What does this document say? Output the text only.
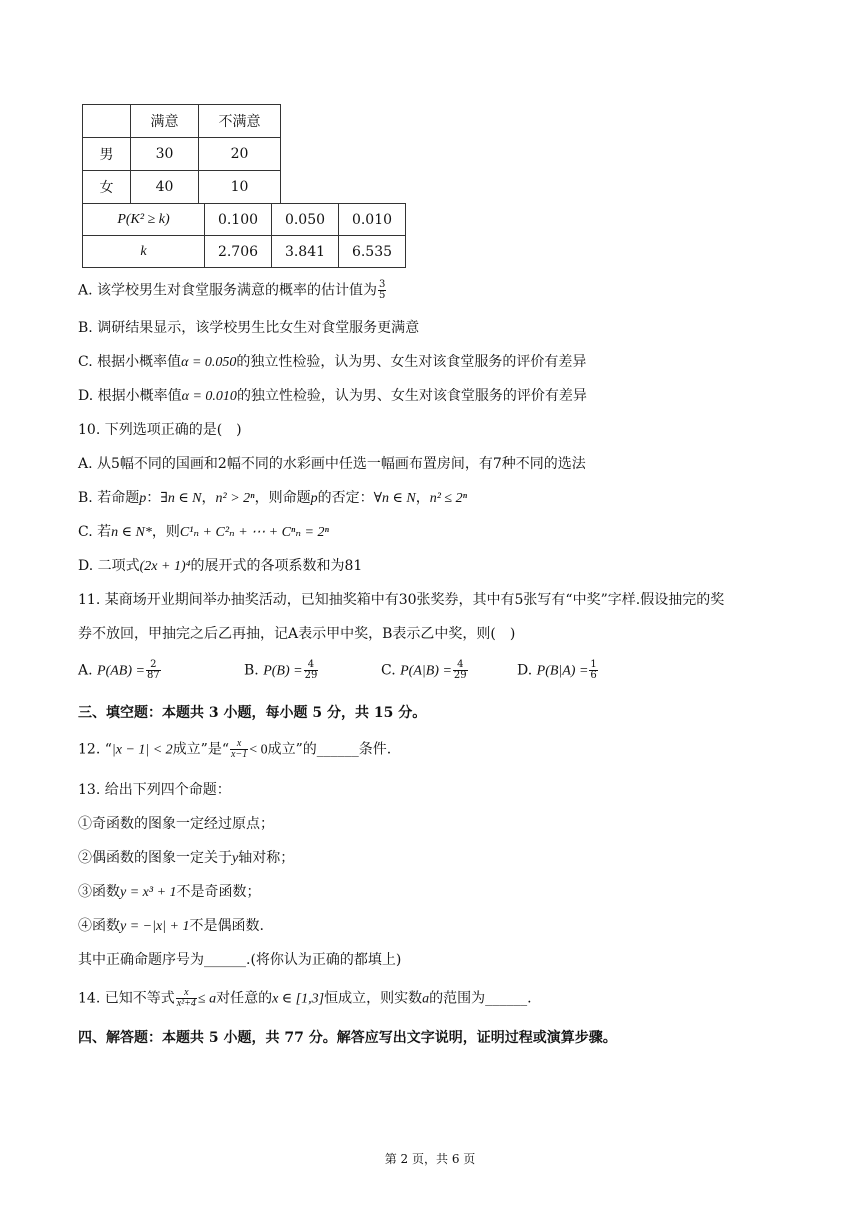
	满意	不满意
男	30	20
女	40	10
P(K² ≥ k)	0.100	0.050	0.010
k	2.706	3.841	6.535
A. 该学校男生对食堂服务满意的概率的估计值为 $\frac{3}{5}$
B. 调研结果显示，该学校男生比女生对食堂服务更满意
C. 根据小概率值α = 0.050的独立性检验，认为男、女生对该食堂服务的评价有差异
D. 根据小概率值α = 0.010的独立性检验，认为男、女生对该食堂服务的评价有差异
10. 下列选项正确的是(　)
A. 从5幅不同的国画和2幅不同的水彩画中任选一幅画布置房间，有7种不同的选法
B. 若命题p：∃n ∈ N，n² > 2ⁿ，则命题p的否定：∀n ∈ N，n² ≤ 2ⁿ
C. 若n ∈ N*，则C¹ₙ + C²ₙ + ⋯ + Cⁿₙ = 2ⁿ
D. 二项式(2x + 1)⁴的展开式的各项系数和为81
11. 某商场开业期间举办抽奖活动，已知抽奖箱中有30张奖券，其中有5张写有“中奖”字样.假设抽完的奖
券不放回，甲抽完之后乙再抽，记A表示甲中奖，B表示乙中奖，则(　)
A. $P(AB) = \frac{2}{87}$	B. $P(B) = \frac{4}{29}$	C. $P(A|B) = \frac{4}{29}$	D. $P(B|A) = \frac{1}{6}$
三、填空题：本题共 3 小题，每小题 5 分，共 15 分。
12. “|x − 1| < 2成立”是“ $\frac{x}{x-1} < 0$成立”的______条件.
13. 给出下列四个命题：
①奇函数的图象一定经过原点；
②偶函数的图象一定关于y轴对称；
③函数y = x³ + 1不是奇函数；
④函数y = −|x| + 1不是偶函数.
其中正确命题序号为______.(将你认为正确的都填上)
14. 已知不等式 $\frac{x}{\text{x²+4}} \le a$对任意的x ∈ [1,3]恒成立，则实数a的范围为______.
四、解答题：本题共 5 小题，共 77 分。解答应写出文字说明，证明过程或演算步骤。
第 2 页，共 6 页
